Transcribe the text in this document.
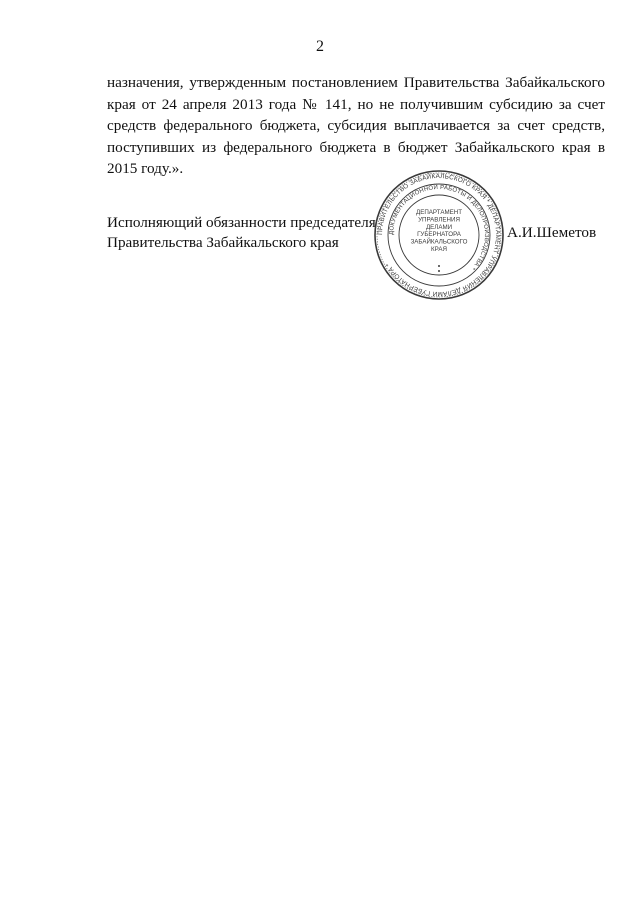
2
назначения, утвержденным постановлением Правительства Забайкальского
края от 24 апреля 2013 года № 141, но не получившим субсидию за счет
средств федерального бюджета, субсидия выплачивается за счет средств,
поступивших из федерального бюджета в бюджет Забайкальского края в
2015 году.».
Исполняющий обязанности председателя
Правительства Забайкальского края
ПРАВИТЕЛЬСТВО ЗАБАЙКАЛЬСКОГО КРАЯ * ДЕПАРТАМЕНТ УПРАВЛЕНИЯ ДЕЛАМИ ГУБЕРНАТОРА *
ДОКУМЕНТАЦИОННОЙ РАБОТЫ И ДЕЛОПРОИЗВОДСТВА *
ДЕПАРТАМЕНТ
УПРАВЛЕНИЯ
ДЕЛАМИ
ГУБЕРНАТОРА
ЗАБАЙКАЛЬСКОГО
КРАЯ
А.И.Шеметов
